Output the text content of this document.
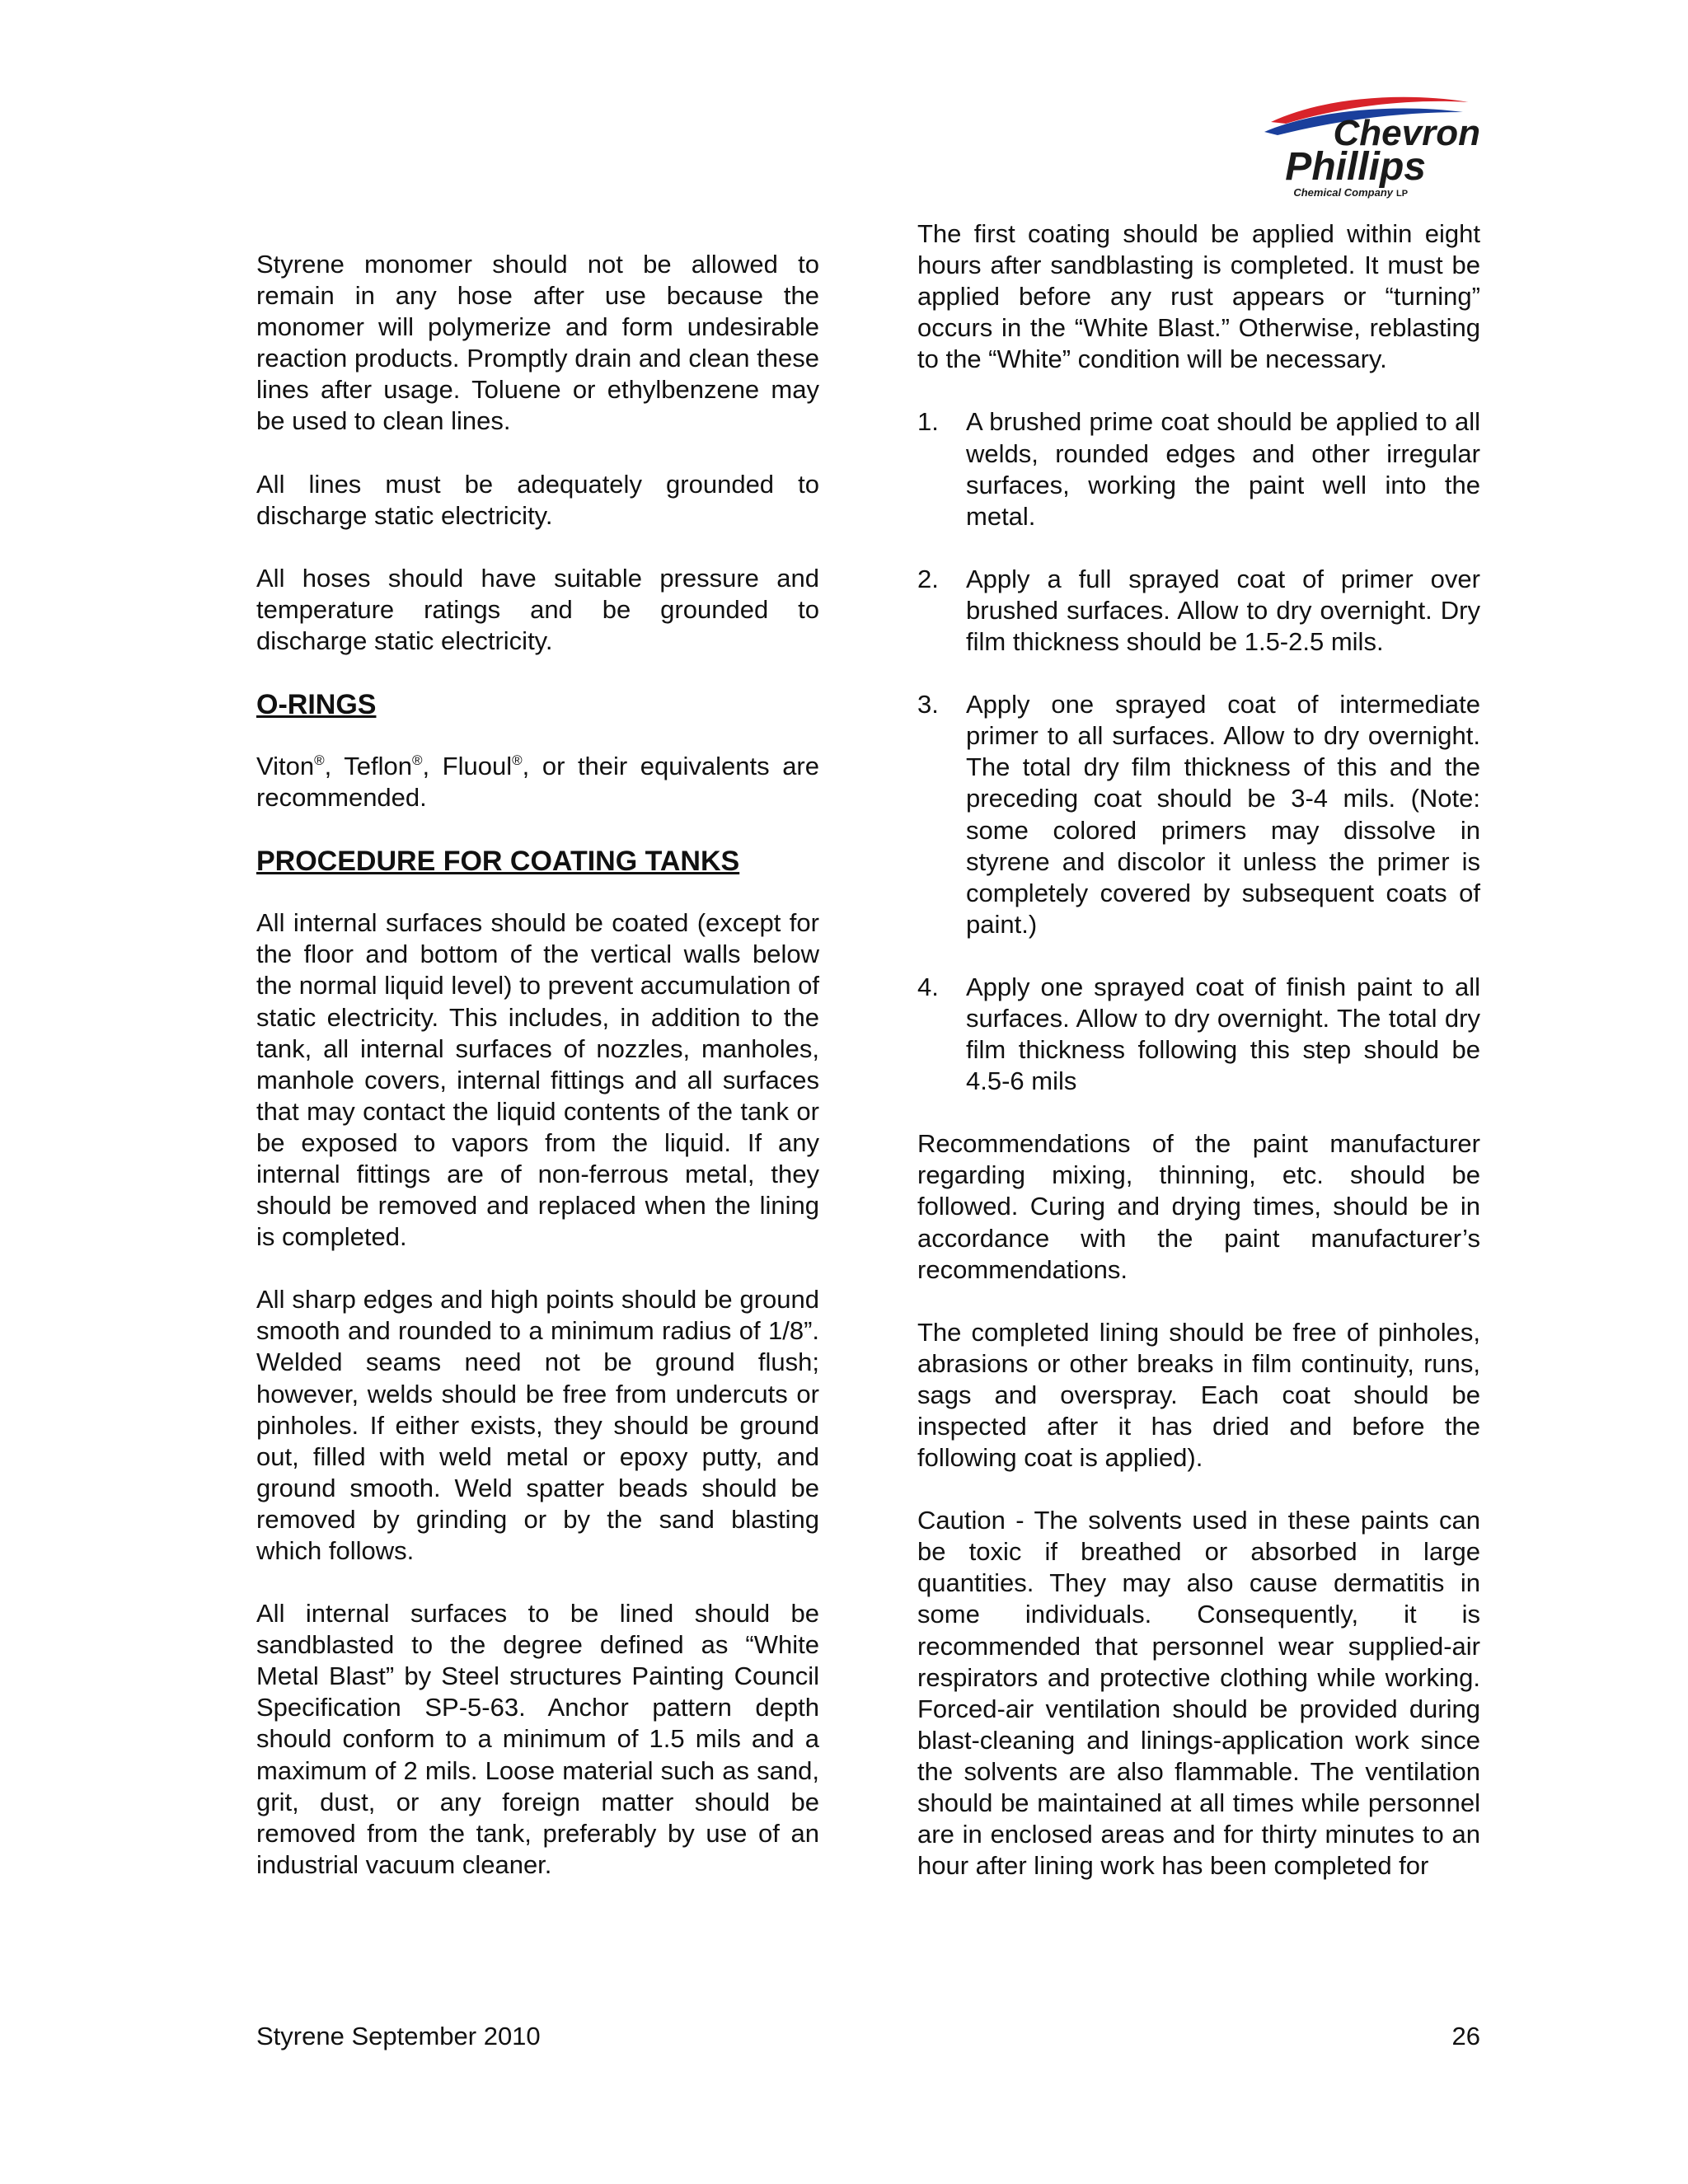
Chevron
Phillips
Chemical Company LP

Styrene monomer should not be allowed to remain in any hose after use because the monomer will polymerize and form undesirable reaction products. Promptly drain and clean these lines after usage. Toluene or ethylbenzene may be used to clean lines.

All lines must be adequately grounded to discharge static electricity.

All hoses should have suitable pressure and temperature ratings and be grounded to discharge static electricity.

O-RINGS

Viton®, Teflon®, Fluoul®, or their equivalents are recommended.

PROCEDURE FOR COATING TANKS

All internal surfaces should be coated (except for the floor and bottom of the vertical walls below the normal liquid level) to prevent accumulation of static electricity. This includes, in addition to the tank, all internal surfaces of nozzles, manholes, manhole covers, internal fittings and all surfaces that may contact the liquid contents of the tank or be exposed to vapors from the liquid. If any internal fittings are of non-ferrous metal, they should be removed and replaced when the lining is completed.

All sharp edges and high points should be ground smooth and rounded to a minimum radius of 1/8”. Welded seams need not be ground flush; however, welds should be free from undercuts or pinholes. If either exists, they should be ground out, filled with weld metal or epoxy putty, and ground smooth. Weld spatter beads should be removed by grinding or by the sand blasting which follows.

All internal surfaces to be lined should be sandblasted to the degree defined as “White Metal Blast” by Steel structures Painting Council Specification SP-5-63. Anchor pattern depth should conform to a minimum of 1.5 mils and a maximum of 2 mils. Loose material such as sand, grit, dust, or any foreign matter should be removed from the tank, preferably by use of an industrial vacuum cleaner.

The first coating should be applied within eight hours after sandblasting is completed. It must be applied before any rust appears or “turning” occurs in the “White Blast.” Otherwise, reblasting to the “White” condition will be necessary.

1. A brushed prime coat should be applied to all welds, rounded edges and other irregular surfaces, working the paint well into the metal.
2. Apply a full sprayed coat of primer over brushed surfaces. Allow to dry overnight. Dry film thickness should be 1.5-2.5 mils.
3. Apply one sprayed coat of intermediate primer to all surfaces. Allow to dry overnight. The total dry film thickness of this and the preceding coat should be 3-4 mils. (Note: some colored primers may dissolve in styrene and discolor it unless the primer is completely covered by subsequent coats of paint.)
4. Apply one sprayed coat of finish paint to all surfaces. Allow to dry overnight. The total dry film thickness following this step should be 4.5-6 mils

Recommendations of the paint manufacturer regarding mixing, thinning, etc. should be followed. Curing and drying times, should be in accordance with the paint manufacturer’s recommendations.

The completed lining should be free of pinholes, abrasions or other breaks in film continuity, runs, sags and overspray. Each coat should be inspected after it has dried and before the following coat is applied).

Caution - The solvents used in these paints can be toxic if breathed or absorbed in large quantities. They may also cause dermatitis in some individuals. Consequently, it is recommended that personnel wear supplied-air respirators and protective clothing while working. Forced-air ventilation should be provided during blast-cleaning and linings-application work since the solvents are also flammable. The ventilation should be maintained at all times while personnel are in enclosed areas and for thirty minutes to an hour after lining work has been completed for

Styrene September 2010	26
